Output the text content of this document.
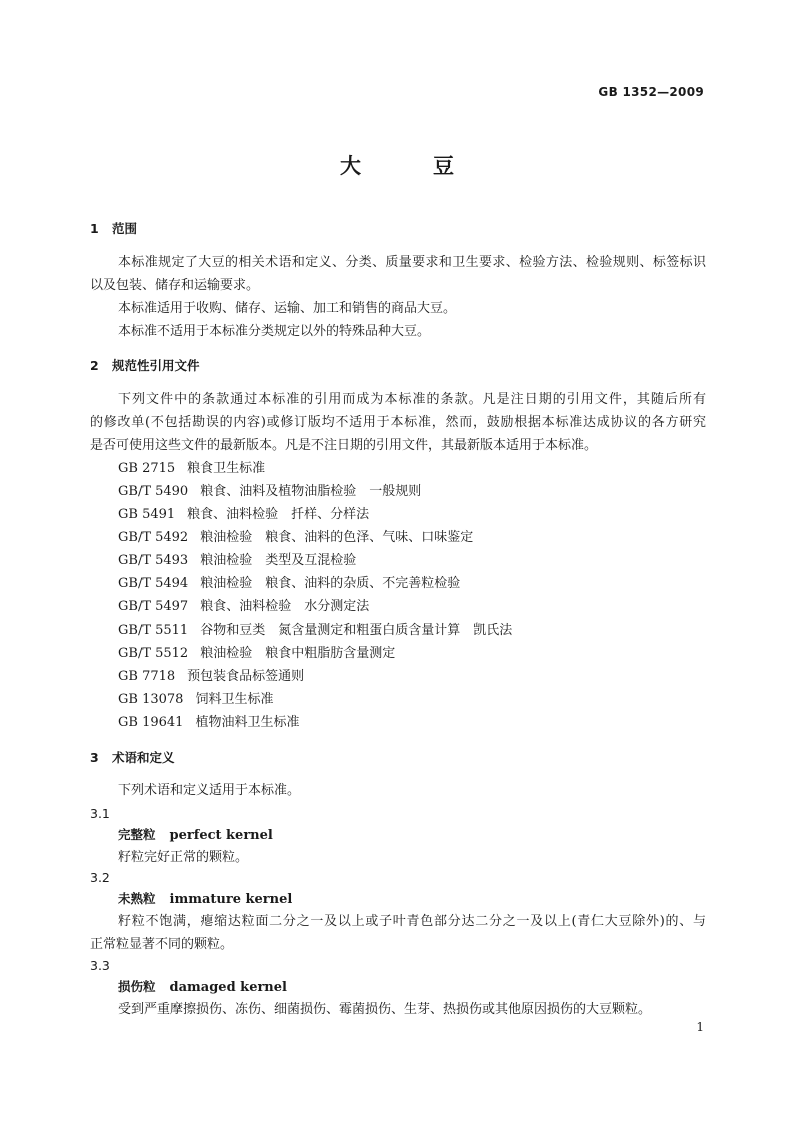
GB 1352—2009
大	豆
1 范围
本标准规定了大豆的相关术语和定义、分类、质量要求和卫生要求、检验方法、检验规则、标签标识
以及包装、储存和运输要求。
本标准适用于收购、储存、运输、加工和销售的商品大豆。
本标准不适用于本标准分类规定以外的特殊品种大豆。
2 规范性引用文件
下列文件中的条款通过本标准的引用而成为本标准的条款。凡是注日期的引用文件，其随后所有
的修改单(不包括勘误的内容)或修订版均不适用于本标准，然而，鼓励根据本标准达成协议的各方研究
是否可使用这些文件的最新版本。凡是不注日期的引用文件，其最新版本适用于本标准。
GB 2715 粮食卫生标准
GB/T 5490 粮食、油料及植物油脂检验　一般规则
GB 5491 粮食、油料检验　扦样、分样法
GB/T 5492 粮油检验　粮食、油料的色泽、气味、口味鉴定
GB/T 5493 粮油检验　类型及互混检验
GB/T 5494 粮油检验　粮食、油料的杂质、不完善粒检验
GB/T 5497 粮食、油料检验　水分测定法
GB/T 5511 谷物和豆类　氮含量测定和粗蛋白质含量计算　凯氏法
GB/T 5512 粮油检验　粮食中粗脂肪含量测定
GB 7718 预包装食品标签通则
GB 13078 饲料卫生标准
GB 19641 植物油料卫生标准
3 术语和定义
下列术语和定义适用于本标准。
3.1
完整粒 perfect kernel
籽粒完好正常的颗粒。
3.2
未熟粒 immature kernel
籽粒不饱满，瘪缩达粒面二分之一及以上或子叶青色部分达二分之一及以上(青仁大豆除外)的、与
正常粒显著不同的颗粒。
3.3
损伤粒 damaged kernel
受到严重摩擦损伤、冻伤、细菌损伤、霉菌损伤、生芽、热损伤或其他原因损伤的大豆颗粒。
1
